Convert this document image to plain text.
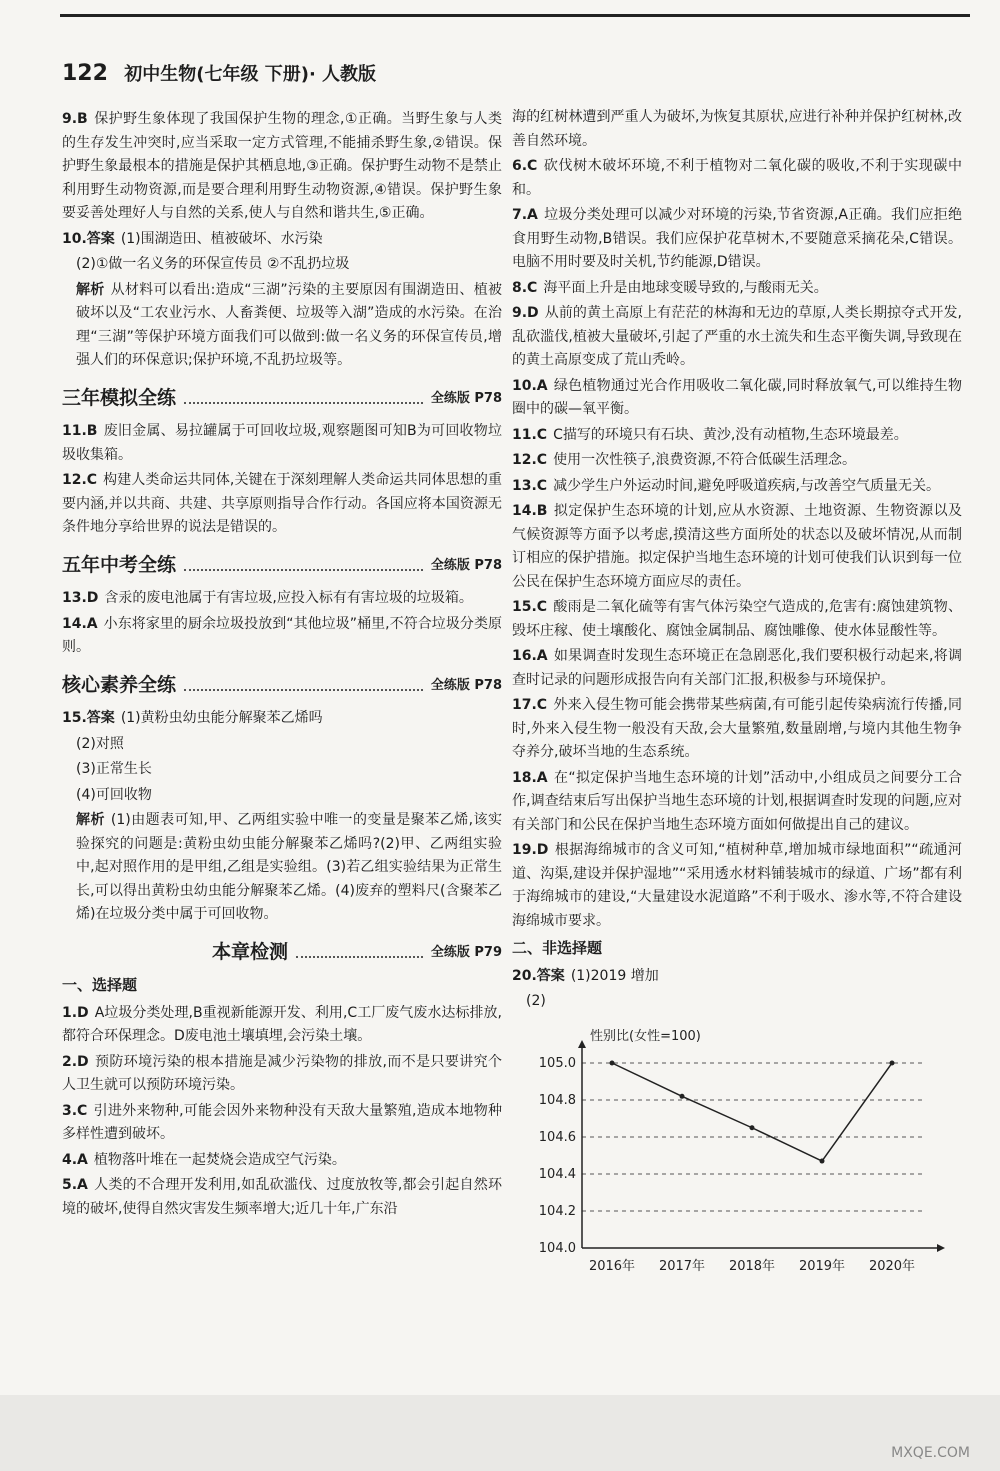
122 初中生物(七年级 下册)· 人教版

9.B 保护野生象体现了我国保护生物的理念,①正确。当野生象与人类的生存发生冲突时,应当采取一定方式管理,不能捕杀野生象,②错误。保护野生象最根本的措施是保护其栖息地,③正确。保护野生动物不是禁止利用野生动物资源,而是要合理利用野生动物资源,④错误。保护野生象要妥善处理好人与自然的关系,使人与自然和谐共生,⑤正确。

10.答案 (1)围湖造田、植被破坏、水污染

(2)①做一名义务的环保宣传员 ②不乱扔垃圾

解析 从材料可以看出:造成“三湖”污染的主要原因有围湖造田、植被破坏以及“工农业污水、人畜粪便、垃圾等入湖”造成的水污染。在治理“三湖”等保护环境方面我们可以做到:做一名义务的环保宣传员,增强人们的环保意识;保护环境,不乱扔垃圾等。

三年模拟全练	全练版 P78

11.B 废旧金属、易拉罐属于可回收垃圾,观察题图可知B为可回收物垃圾收集箱。

12.C 构建人类命运共同体,关键在于深刻理解人类命运共同体思想的重要内涵,并以共商、共建、共享原则指导合作行动。各国应将本国资源无条件地分享给世界的说法是错误的。

五年中考全练	全练版 P78

13.D 含汞的废电池属于有害垃圾,应投入标有有害垃圾的垃圾箱。

14.A 小东将家里的厨余垃圾投放到“其他垃圾”桶里,不符合垃圾分类原则。

核心素养全练	全练版 P78

15.答案 (1)黄粉虫幼虫能分解聚苯乙烯吗

(2)对照

(3)正常生长

(4)可回收物

解析 (1)由题表可知,甲、乙两组实验中唯一的变量是聚苯乙烯,该实验探究的问题是:黄粉虫幼虫能分解聚苯乙烯吗?(2)甲、乙两组实验中,起对照作用的是甲组,乙组是实验组。(3)若乙组实验结果为正常生长,可以得出黄粉虫幼虫能分解聚苯乙烯。(4)废弃的塑料尺(含聚苯乙烯)在垃圾分类中属于可回收物。

本章检测	全练版 P79
一、选择题

1.D A垃圾分类处理,B重视新能源开发、利用,C工厂废气废水达标排放,都符合环保理念。D废电池土壤填埋,会污染土壤。

2.D 预防环境污染的根本措施是减少污染物的排放,而不是只要讲究个人卫生就可以预防环境污染。

3.C 引进外来物种,可能会因外来物种没有天敌大量繁殖,造成本地物种多样性遭到破坏。

4.A 植物落叶堆在一起焚烧会造成空气污染。

5.A 人类的不合理开发利用,如乱砍滥伐、过度放牧等,都会引起自然环境的破坏,使得自然灾害发生频率增大;近几十年,广东沿

海的红树林遭到严重人为破坏,为恢复其原状,应进行补种并保护红树林,改善自然环境。

6.C 砍伐树木破坏环境,不利于植物对二氧化碳的吸收,不利于实现碳中和。

7.A 垃圾分类处理可以减少对环境的污染,节省资源,A正确。我们应拒绝食用野生动物,B错误。我们应保护花草树木,不要随意采摘花朵,C错误。电脑不用时要及时关机,节约能源,D错误。

8.C 海平面上升是由地球变暖导致的,与酸雨无关。

9.D 从前的黄土高原上有茫茫的林海和无边的草原,人类长期掠夺式开发,乱砍滥伐,植被大量破坏,引起了严重的水土流失和生态平衡失调,导致现在的黄土高原变成了荒山秃岭。

10.A 绿色植物通过光合作用吸收二氧化碳,同时释放氧气,可以维持生物圈中的碳—氧平衡。

11.C C描写的环境只有石块、黄沙,没有动植物,生态环境最差。

12.C 使用一次性筷子,浪费资源,不符合低碳生活理念。

13.C 减少学生户外运动时间,避免呼吸道疾病,与改善空气质量无关。

14.B 拟定保护生态环境的计划,应从水资源、土地资源、生物资源以及气候资源等方面予以考虑,摸清这些方面所处的状态以及破坏情况,从而制订相应的保护措施。拟定保护当地生态环境的计划可使我们认识到每一位公民在保护生态环境方面应尽的责任。

15.C 酸雨是二氧化硫等有害气体污染空气造成的,危害有:腐蚀建筑物、毁坏庄稼、使土壤酸化、腐蚀金属制品、腐蚀雕像、使水体显酸性等。

16.A 如果调查时发现生态环境正在急剧恶化,我们要积极行动起来,将调查时记录的问题形成报告向有关部门汇报,积极参与环境保护。

17.C 外来入侵生物可能会携带某些病菌,有可能引起传染病流行传播,同时,外来入侵生物一般没有天敌,会大量繁殖,数量剧增,与境内其他生物争夺养分,破坏当地的生态系统。

18.A 在“拟定保护当地生态环境的计划”活动中,小组成员之间要分工合作,调查结束后写出保护当地生态环境的计划,根据调查时发现的问题,应对有关部门和公民在保护当地生态环境方面如何做提出自己的建议。

19.D 根据海绵城市的含义可知,“植树种草,增加城市绿地面积”“疏通河道、沟渠,建设并保护湿地”“采用透水材料铺装城市的绿道、广场”都有利于海绵城市的建设,“大量建设水泥道路”不利于吸水、渗水等,不符合建设海绵城市要求。

二、非选择题

20.答案 (1)2019 增加

(2)

性别比(女性=100)
104.0
104.2
104.4
104.6
104.8
105.0
2016年 2017年 2018年 2019年 2020年
MXQE.COM
